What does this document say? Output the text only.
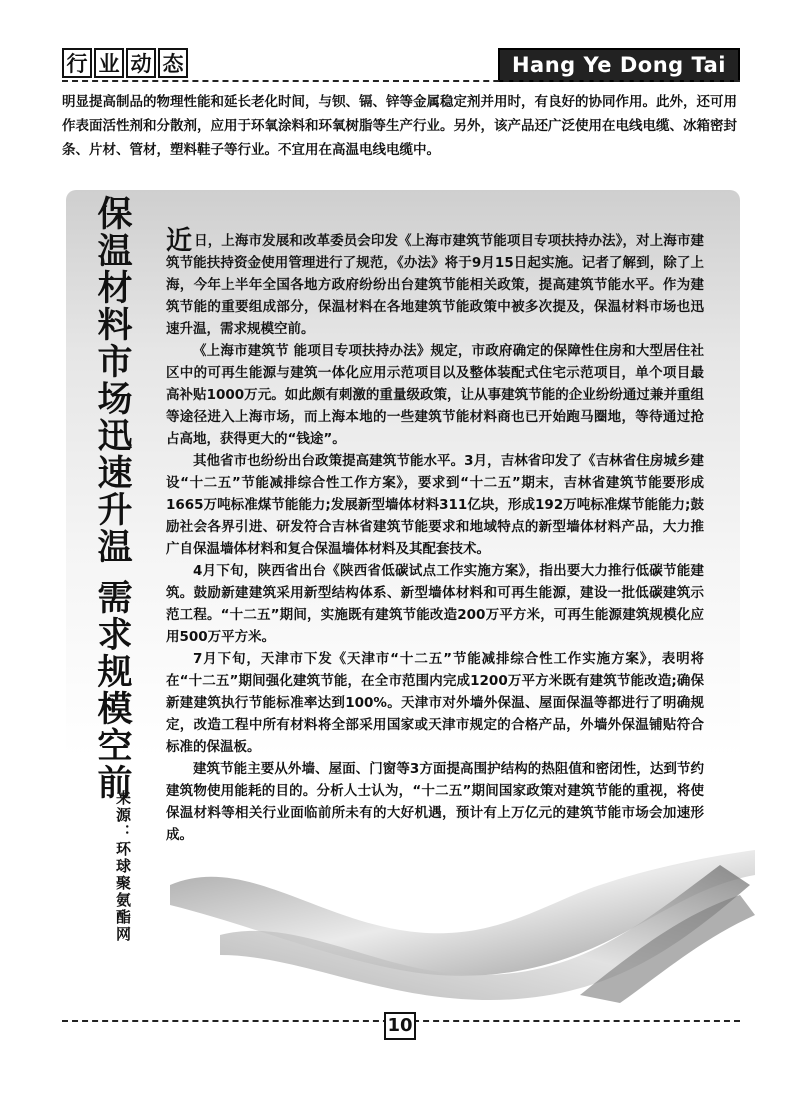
行 业 动 态	Hang Ye Dong Tai
明显提高制品的物理性能和延长老化时间，与钡、镉、锌等金属稳定剂并用时，有良好的协同作用。此外，还可用作表面活性剂和分散剂，应用于环氧涂料和环氧树脂等生产行业。另外，该产品还广泛使用在电线电缆、冰箱密封条、片材、管材，塑料鞋子等行业。不宜用在高温电线电缆中。
保温材料市场迅速升温 需求规模空前
来源：环球聚氨酯网

近日，上海市发展和改革委员会印发《上海市建筑节能项目专项扶持办法》，对上海市建筑节能扶持资金使用管理进行了规范，《办法》将于9月15日起实施。记者了解到，除了上海，今年上半年全国各地方政府纷纷出台建筑节能相关政策，提高建筑节能水平。作为建筑节能的重要组成部分，保温材料在各地建筑节能政策中被多次提及，保温材料市场也迅速升温，需求规模空前。

《上海市建筑节 能项目专项扶持办法》规定，市政府确定的保障性住房和大型居住社区中的可再生能源与建筑一体化应用示范项目以及整体装配式住宅示范项目，单个项目最高补贴1000万元。如此颇有刺激的重量级政策，让从事建筑节能的企业纷纷通过兼并重组等途径进入上海市场，而上海本地的一些建筑节能材料商也已开始跑马圈地，等待通过抢占高地，获得更大的“钱途”。

其他省市也纷纷出台政策提高建筑节能水平。3月，吉林省印发了《吉林省住房城乡建设“十二五”节能减排综合性工作方案》，要求到“十二五”期末，吉林省建筑节能要形成1665万吨标准煤节能能力;发展新型墙体材料311亿块，形成192万吨标准煤节能能力;鼓励社会各界引进、研发符合吉林省建筑节能要求和地域特点的新型墙体材料产品，大力推广自保温墙体材料和复合保温墙体材料及其配套技术。

4月下旬，陕西省出台《陕西省低碳试点工作实施方案》，指出要大力推行低碳节能建筑。鼓励新建建筑采用新型结构体系、新型墙体材料和可再生能源，建设一批低碳建筑示范工程。“十二五”期间，实施既有建筑节能改造200万平方米，可再生能源建筑规模化应用500万平方米。

7月下旬，天津市下发《天津市“十二五”节能减排综合性工作实施方案》，表明将在“十二五”期间强化建筑节能，在全市范围内完成1200万平方米既有建筑节能改造;确保新建建筑执行节能标准率达到100%。天津市对外墙外保温、屋面保温等都进行了明确规定，改造工程中所有材料将全部采用国家或天津市规定的合格产品，外墙外保温铺贴符合标准的保温板。

建筑节能主要从外墙、屋面、门窗等3方面提高围护结构的热阻值和密闭性，达到节约建筑物使用能耗的目的。分析人士认为，“十二五”期间国家政策对建筑节能的重视，将使保温材料等相关行业面临前所未有的大好机遇，预计有上万亿元的建筑节能市场会加速形成。

10
